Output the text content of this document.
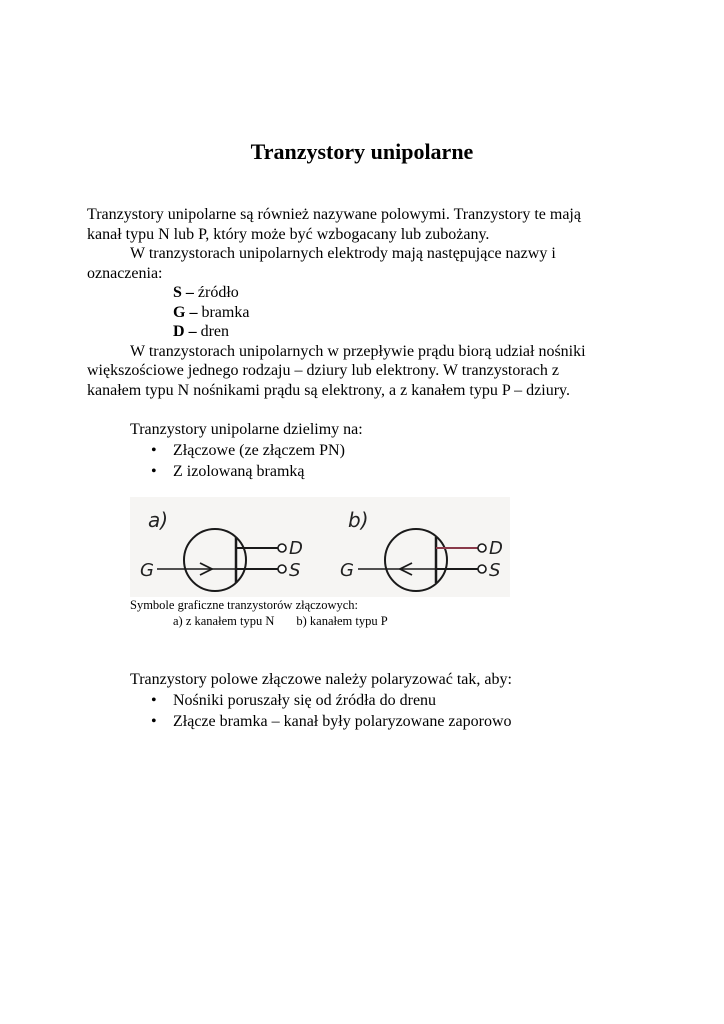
Tranzystory unipolarne
Tranzystory unipolarne są również nazywane polowymi. Tranzystory te mają
kanał typu N lub P, który może być wzbogacany lub zubożany.
W tranzystorach unipolarnych elektrody mają następujące nazwy i
oznaczenia:
S – źródło
G – bramka
D – dren
W tranzystorach unipolarnych w przepływie prądu biorą udział nośniki
większościowe jednego rodzaju – dziury lub elektrony. W tranzystorach z
kanałem typu N nośnikami prądu są elektrony, a z kanałem typu P – dziury.
Tranzystory unipolarne dzielimy na:
• Złączowe (ze złączem PN)
• Z izolowaną bramką
a)
G
D
S
b)
G
D
S
Symbole graficzne tranzystorów złączowych:
a) z kanałem typu N b) kanałem typu P
Tranzystory polowe złączowe należy polaryzować tak, aby:
• Nośniki poruszały się od źródła do drenu
• Złącze bramka – kanał były polaryzowane zaporowo
